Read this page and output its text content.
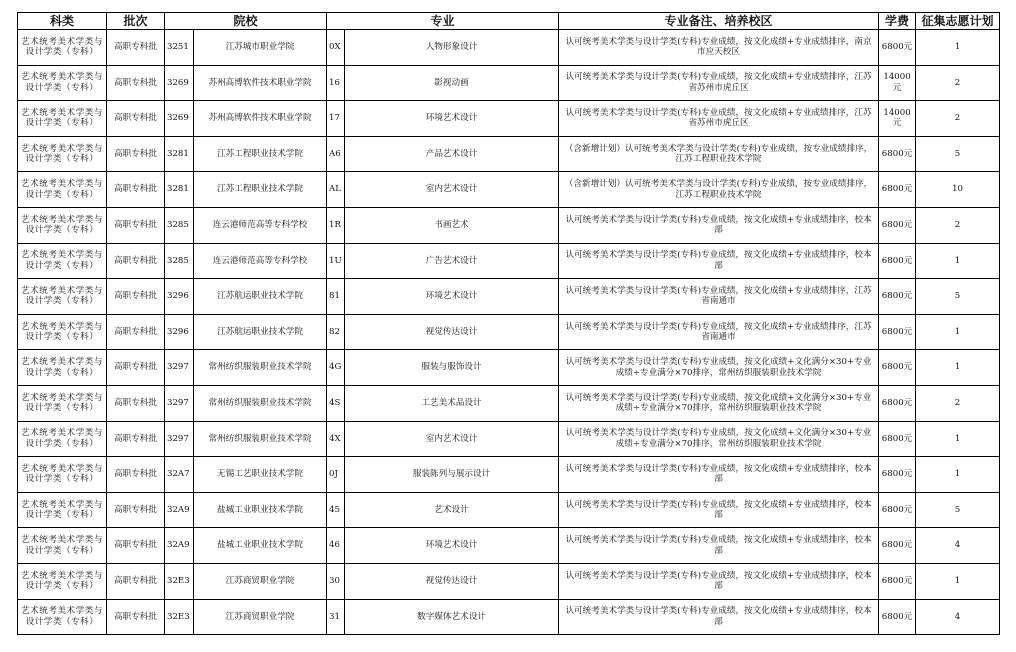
科类	批次	院校		专业		专业备注、培养校区	学费	征集志愿计划
艺术统考美术学类与设计学类（专科）	高职专科批	3251	江苏城市职业学院	0X	人物形象设计	认可统考美术学类与设计学类(专科)专业成绩，按文化成绩+专业成绩排序，南京市应天校区	6800元	1
艺术统考美术学类与设计学类（专科）	高职专科批	3269	苏州高博软件技术职业学院	16	影视动画	认可统考美术学类与设计学类(专科)专业成绩，按文化成绩+专业成绩排序，江苏省苏州市虎丘区	14000元	2
艺术统考美术学类与设计学类（专科）	高职专科批	3269	苏州高博软件技术职业学院	17	环境艺术设计	认可统考美术学类与设计学类(专科)专业成绩，按文化成绩+专业成绩排序，江苏省苏州市虎丘区	14000元	2
艺术统考美术学类与设计学类（专科）	高职专科批	3281	江苏工程职业技术学院	A6	产品艺术设计	（含新增计划）认可统考美术学类与设计学类(专科)专业成绩，按专业成绩排序，江苏工程职业技术学院	6800元	5
艺术统考美术学类与设计学类（专科）	高职专科批	3281	江苏工程职业技术学院	AL	室内艺术设计	（含新增计划）认可统考美术学类与设计学类(专科)专业成绩，按专业成绩排序，江苏工程职业技术学院	6800元	10
艺术统考美术学类与设计学类（专科）	高职专科批	3285	连云港师范高等专科学校	1R	书画艺术	认可统考美术学类与设计学类(专科)专业成绩，按文化成绩+专业成绩排序，校本部	6800元	2
艺术统考美术学类与设计学类（专科）	高职专科批	3285	连云港师范高等专科学校	1U	广告艺术设计	认可统考美术学类与设计学类(专科)专业成绩，按文化成绩+专业成绩排序，校本部	6800元	1
艺术统考美术学类与设计学类（专科）	高职专科批	3296	江苏航运职业技术学院	81	环境艺术设计	认可统考美术学类与设计学类(专科)专业成绩，按文化成绩+专业成绩排序，江苏省南通市	6800元	5
艺术统考美术学类与设计学类（专科）	高职专科批	3296	江苏航运职业技术学院	82	视觉传达设计	认可统考美术学类与设计学类(专科)专业成绩，按文化成绩+专业成绩排序，江苏省南通市	6800元	1
艺术统考美术学类与设计学类（专科）	高职专科批	3297	常州纺织服装职业技术学院	4G	服装与服饰设计	认可统考美术学类与设计学类(专科)专业成绩，按文化成绩+文化满分×30+专业成绩÷专业满分×70排序，常州纺织服装职业技术学院	6800元	1
艺术统考美术学类与设计学类（专科）	高职专科批	3297	常州纺织服装职业技术学院	4S	工艺美术品设计	认可统考美术学类与设计学类(专科)专业成绩，按文化成绩+文化满分×30+专业成绩÷专业满分×70排序，常州纺织服装职业技术学院	6800元	2
艺术统考美术学类与设计学类（专科）	高职专科批	3297	常州纺织服装职业技术学院	4X	室内艺术设计	认可统考美术学类与设计学类(专科)专业成绩，按文化成绩+文化满分×30+专业成绩÷专业满分×70排序，常州纺织服装职业技术学院	6800元	1
艺术统考美术学类与设计学类（专科）	高职专科批	32A7	无锡工艺职业技术学院	0J	服装陈列与展示设计	认可统考美术学类与设计学类(专科)专业成绩，按文化成绩+专业成绩排序，校本部	6800元	1
艺术统考美术学类与设计学类（专科）	高职专科批	32A9	盐城工业职业技术学院	45	艺术设计	认可统考美术学类与设计学类(专科)专业成绩，按文化成绩+专业成绩排序，校本部	6800元	5
艺术统考美术学类与设计学类（专科）	高职专科批	32A9	盐城工业职业技术学院	46	环境艺术设计	认可统考美术学类与设计学类(专科)专业成绩，按文化成绩+专业成绩排序，校本部	6800元	4
艺术统考美术学类与设计学类（专科）	高职专科批	32E3	江苏商贸职业学院	30	视觉传达设计	认可统考美术学类与设计学类(专科)专业成绩，按文化成绩+专业成绩排序，校本部	6800元	1
艺术统考美术学类与设计学类（专科）	高职专科批	32E3	江苏商贸职业学院	31	数字媒体艺术设计	认可统考美术学类与设计学类(专科)专业成绩，按文化成绩+专业成绩排序，校本部	6800元	4
